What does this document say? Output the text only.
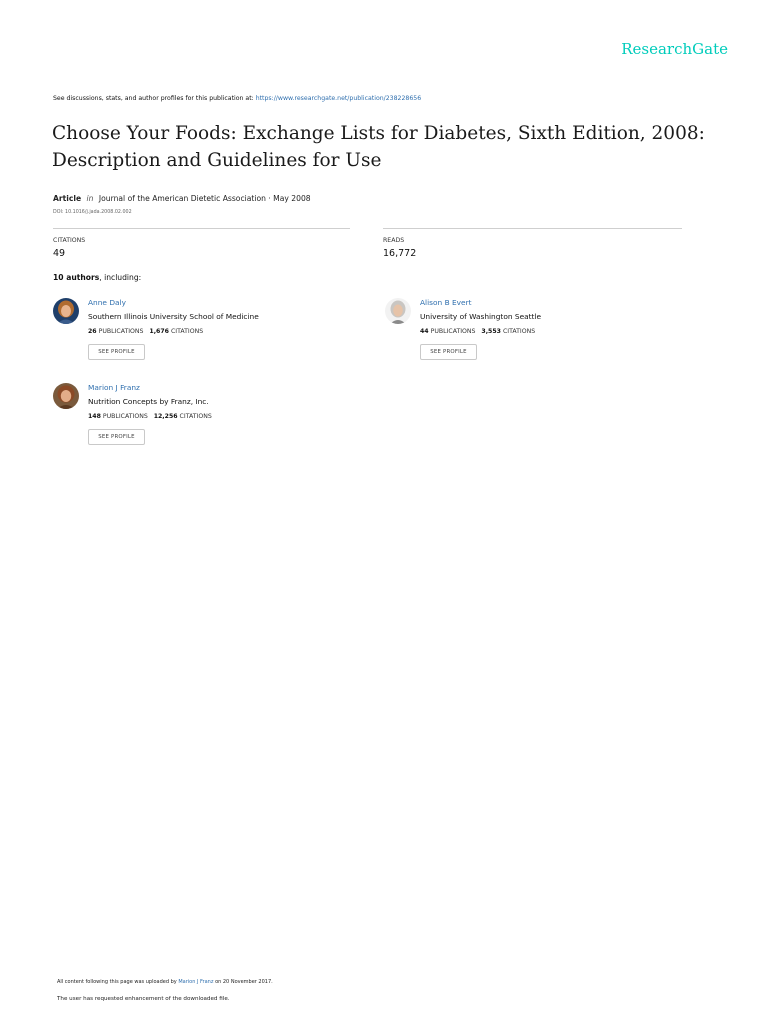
ResearchGate
See discussions, stats, and author profiles for this publication at: https://www.researchgate.net/publication/238228656
Choose Your Foods: Exchange Lists for Diabetes, Sixth Edition, 2008:
Description and Guidelines for Use
Article in Journal of the American Dietetic Association · May 2008
DOI: 10.1016/j.jada.2008.02.002
CITATIONS
49
READS
16,772
10 authors, including:
Anne Daly
Southern Illinois University School of Medicine
26 PUBLICATIONS 1,676 CITATIONS
SEE PROFILE
Alison B Evert
University of Washington Seattle
44 PUBLICATIONS 3,553 CITATIONS
SEE PROFILE
Marion J Franz
Nutrition Concepts by Franz, Inc.
148 PUBLICATIONS 12,256 CITATIONS
SEE PROFILE
All content following this page was uploaded by Marion J Franz on 20 November 2017.
The user has requested enhancement of the downloaded file.
